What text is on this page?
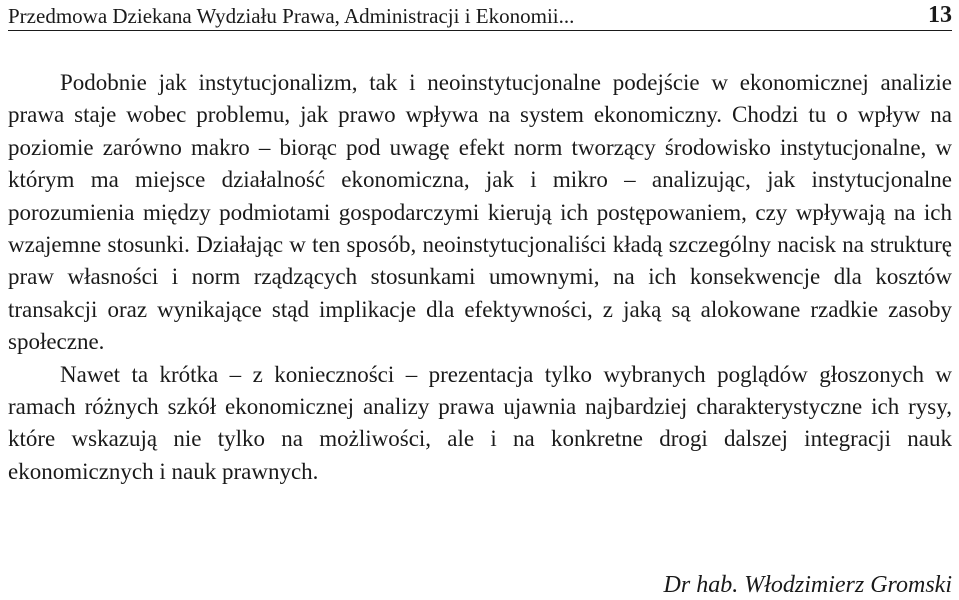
Przedmowa Dziekana Wydziału Prawa, Administracji i Ekonomii...	13

Podobnie jak instytucjonalizm, tak i neoinstytucjonalne podejście w ekonomicznej analizie prawa staje wobec problemu, jak prawo wpływa na system ekonomiczny. Chodzi tu o wpływ na poziomie zarówno makro – biorąc pod uwagę efekt norm tworzący środowisko instytucjonalne, w którym ma miejsce działalność ekonomiczna, jak i mikro – analizując, jak instytucjonalne porozumienia między podmiotami gospodarczymi kierują ich postępowaniem, czy wpływają na ich wzajemne stosunki. Działając w ten sposób, neoinstytucjonaliści kładą szczególny nacisk na strukturę praw własności i norm rządzących stosunkami umownymi, na ich konsekwencje dla kosztów transakcji oraz wynikające stąd implikacje dla efektywności, z jaką są alokowane rzadkie zasoby społeczne.

Nawet ta krótka – z konieczności – prezentacja tylko wybranych poglądów głoszonych w ramach różnych szkół ekonomicznej analizy prawa ujawnia najbardziej charakterystyczne ich rysy, które wskazują nie tylko na możliwości, ale i na konkretne drogi dalszej integracji nauk ekonomicznych i nauk prawnych.

Dr hab. Włodzimierz Gromski
